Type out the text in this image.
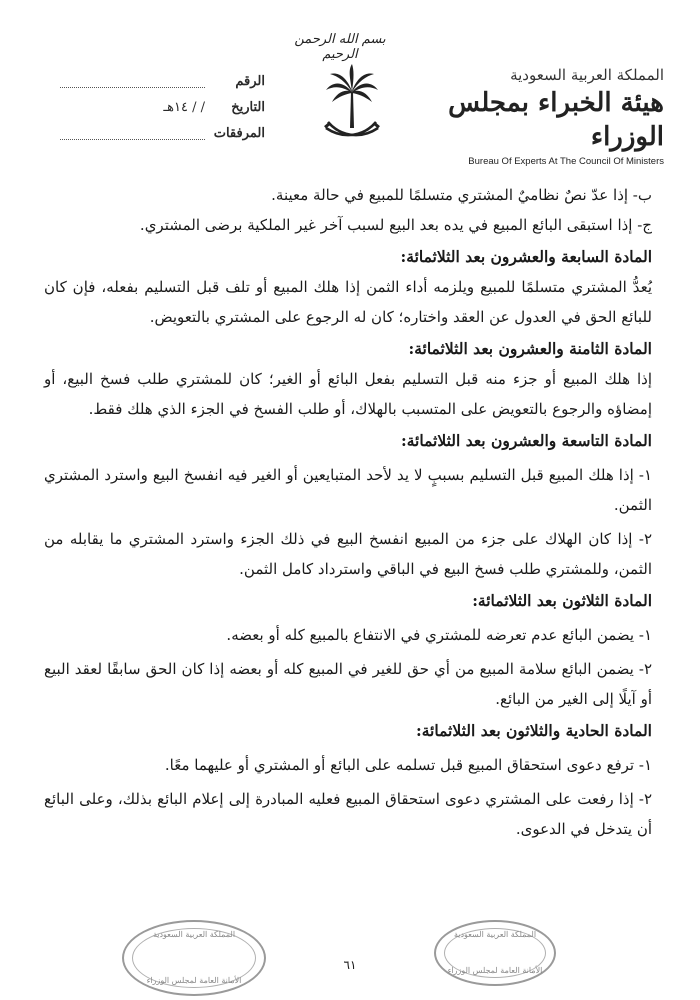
بسم الله الرحمن الرحيم
المملكة العربية السعودية
هيئة الخبراء بمجلس الوزراء
Bureau Of Experts At The Council Of Ministers
الرقم
التاريخ
/ / ١٤هـ
المرفقات

ب- إذا عدّ نصٌ نظاميٌ المشتري متسلمًا للمبيع في حالة معينة.

ج- إذا استبقى البائع المبيع في يده بعد البيع لسبب آخر غير الملكية برضى المشتري.

المادة السابعة والعشرون بعد الثلاثمائة:

يُعدُّ المشتري متسلمًا للمبيع ويلزمه أداء الثمن إذا هلك المبيع أو تلف قبل التسليم بفعله، فإن كان للبائع الحق في العدول عن العقد واختاره؛ كان له الرجوع على المشتري بالتعويض.

المادة الثامنة والعشرون بعد الثلاثمائة:

إذا هلك المبيع أو جزء منه قبل التسليم بفعل البائع أو الغير؛ كان للمشتري طلب فسخ البيع، أو إمضاؤه والرجوع بالتعويض على المتسبب بالهلاك، أو طلب الفسخ في الجزء الذي هلك فقط.

المادة التاسعة والعشرون بعد الثلاثمائة:

١- إذا هلك المبيع قبل التسليم بسببٍ لا يد لأحد المتبايعين أو الغير فيه انفسخ البيع واسترد المشتري الثمن.

٢- إذا كان الهلاك على جزء من المبيع انفسخ البيع في ذلك الجزء واسترد المشتري ما يقابله من الثمن، وللمشتري طلب فسخ البيع في الباقي واسترداد كامل الثمن.

المادة الثلاثون بعد الثلاثمائة:

١- يضمن البائع عدم تعرضه للمشتري في الانتفاع بالمبيع كله أو بعضه.

٢- يضمن البائع سلامة المبيع من أي حق للغير في المبيع كله أو بعضه إذا كان الحق سابقًا لعقد البيع أو آيلًا إلى الغير من البائع.

المادة الحادية والثلاثون بعد الثلاثمائة:

١- ترفع دعوى استحقاق المبيع قبل تسلمه على البائع أو المشتري أو عليهما معًا.

٢- إذا رفعت على المشتري دعوى استحقاق المبيع فعليه المبادرة إلى إعلام البائع بذلك، وعلى البائع أن يتدخل في الدعوى.

المملكة العربية السعودية
الأمانة العامة لمجلس الوزراء
٦١
المملكة العربية السعودية
الأمانة العامة لمجلس الوزراء
